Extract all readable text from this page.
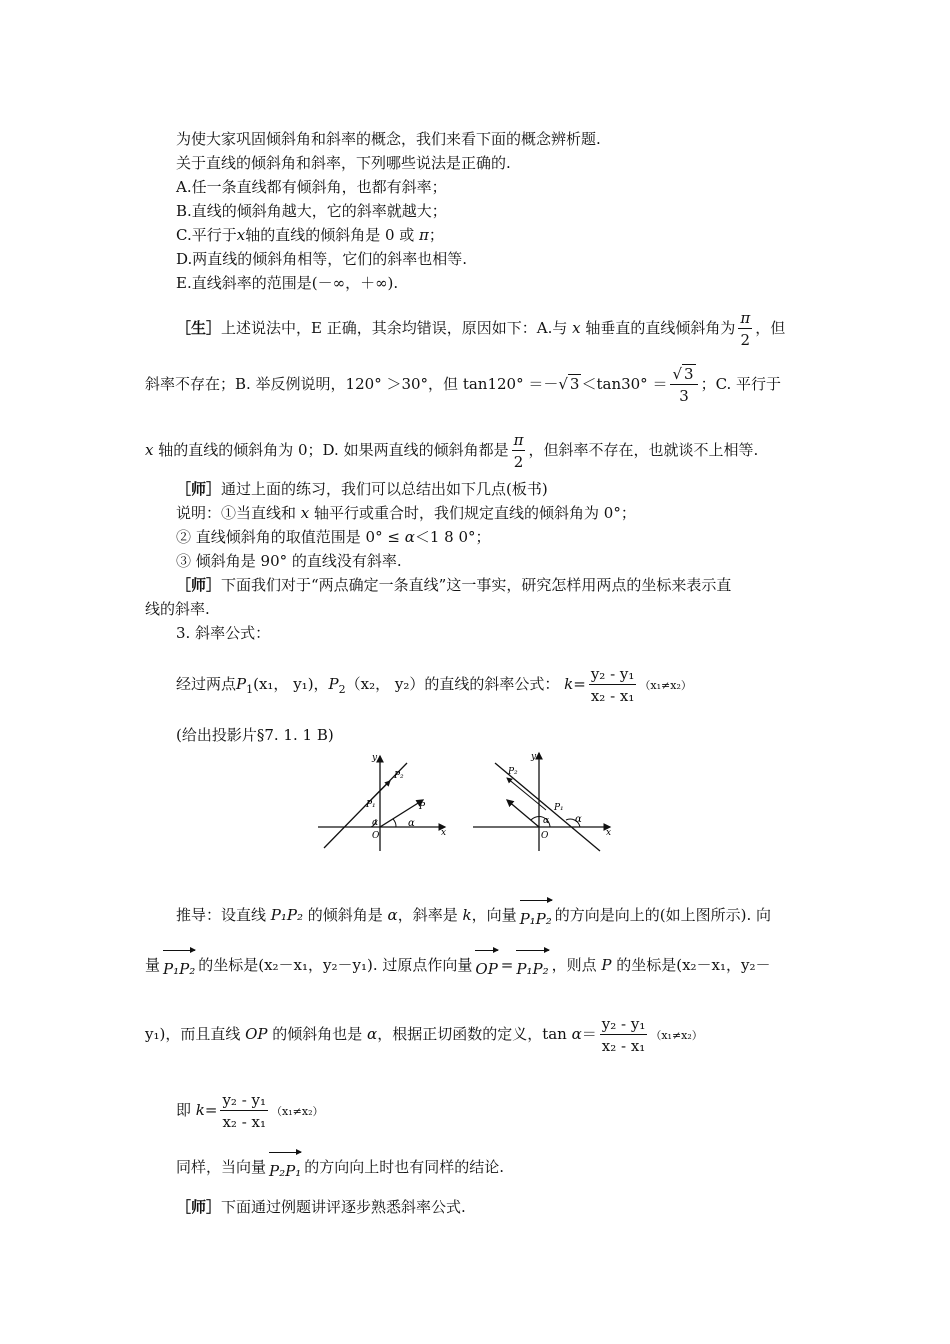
为使大家巩固倾斜角和斜率的概念，我们来看下面的概念辨析题.
关于直线的倾斜角和斜率，下列哪些说法是正确的.
A.任一条直线都有倾斜角，也都有斜率；
B.直线的倾斜角越大，它的斜率就越大；
C.平行于x轴的直线的倾斜角是 0 或 π；
D.两直线的倾斜角相等，它们的斜率也相等.
E.直线斜率的范围是(－∞，＋∞).
［生］上述说法中，E 正确，其余均错误，原因如下：A.与 x 轴垂直的直线倾斜角为 $\frac{\pi}{2}$ ，但
斜率不存在；B. 举反例说明，120° ＞30°，但 tan120° ＝－√ $3 <\tan 30^\circ = \frac{√ 3}{3}$ ；C. 平行于
x 轴的直线的倾斜角为 0；D. 如果两直线的倾斜角都是 $\frac{\pi}{2}$ ，但斜率不存在，也就谈不上相等.
［师］通过上面的练习，我们可以总结出如下几点(板书)
说明：①当直线和 x 轴平行或重合时，我们规定直线的倾斜角为 0°；
② 直线倾斜角的取值范围是 0° ≤ α＜1 8 0°；
③ 倾斜角是 90° 的直线没有斜率.
［师］下面我们对于“两点确定一条直线”这一事实，研究怎样用两点的坐标来表示直
线的斜率.
3. 斜率公式：
经过两点$P_1(x_1$， y₁)，$P_2(x_2$， y₂）的直线的斜率公式： $k= \frac{\text{y₂ - y₁}}{\text{x₂ - x₁}} (x_1\ne x_2)$
(给出投影片§7. 1. 1 B)
y
x
O
P₁
P₂
P
α	α
y
x
O
P₁
P₂
α	α
推导：设直线 P₁P₂ 的倾斜角是 α，斜率是 k，向量 P₁P₂ 的方向是向上的(如上图所示). 向
量 P₁P₂ 的坐标是(x₂－x₁，y₂－y₁). 过原点作向量 OP = P₁P₂ ，则点 P 的坐标是(x₂－x₁，y₂－
y₁)，而且直线 OP 的倾斜角也是 α，根据正切函数的定义，$\tan \alpha= \frac{\text{y₂ - y₁}}{\text{x₂ - x₁}} (x_1\ne x_2)$
即 $k= \frac{\text{y₂ - y₁}}{\text{x₂ - x₁}} (x_1\ne x_2)$
同样，当向量 P₂P₁ 的方向向上时也有同样的结论.
［师］下面通过例题讲评逐步熟悉斜率公式.
